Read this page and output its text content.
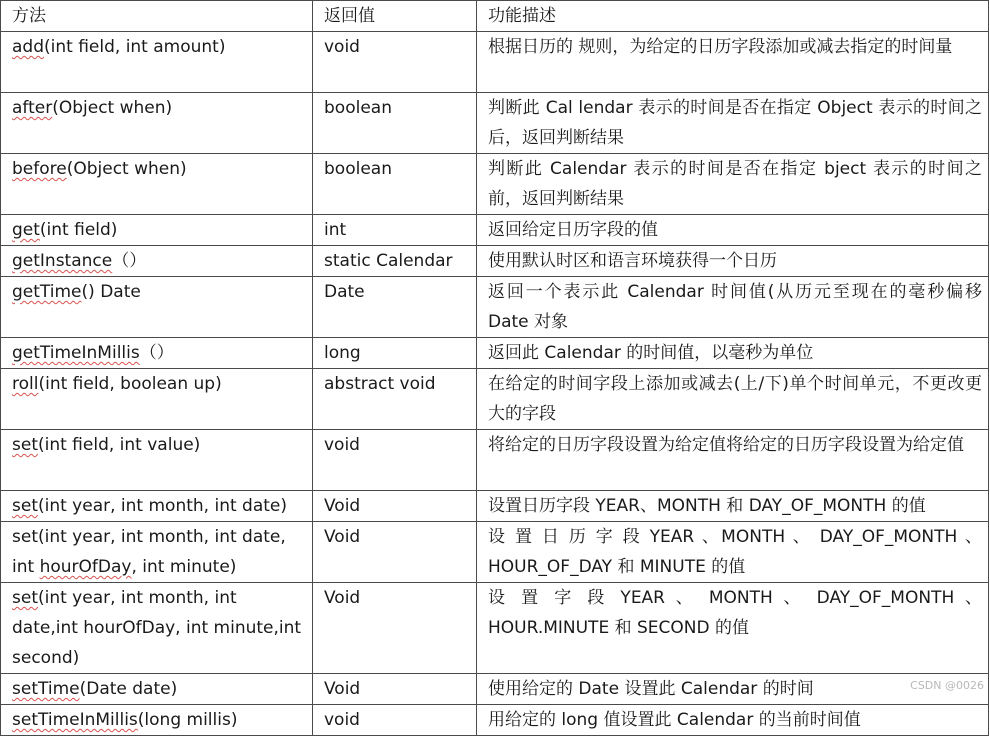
方法	返回值	功能描述
add(int field, int amount)	void	根据日历的 规则，为给定的日历字段添加或减去指定的时间量
after(Object when)	boolean	判断此 Cal lendar 表示的时间是否在指定 Object 表示的时间之后，返回判断结果
before(Object when)	boolean	判断此 Calendar 表示的时间是否在指定 bject 表示的时间之前，返回判断结果
get(int field)	int	返回给定日历字段的值
getInstance（）	static Calendar	使用默认时区和语言环境获得一个日历
getTime() Date	Date	返回一个表示此 Calendar 时间值(从历元至现在的毫秒偏移 Date 对象
getTimeInMillis（）	long	返回此 Calendar 的时间值，以毫秒为单位
roll(int field, boolean up)	abstract void	在给定的时间字段上添加或减去(上/下)单个时间单元，不更改更大的字段
set(int field, int value)	void	将给定的日历字段设置为给定值将给定的日历字段设置为给定值
set(int year, int month, int date)	Void	设置日历字段 YEAR、MONTH 和 DAY_OF_MONTH 的值
set(int year, int month, int date, int hourOfDay, int minute)	Void	设 置 日 历 字 段 YEAR 、MONTH 、 DAY_OF_MONTH 、HOUR_OF_DAY 和 MINUTE 的值
set(int year, int month, int date,int hourOfDay, int minute,int second)	Void	设 置 字 段 YEAR 、 MONTH 、 DAY_OF_MONTH 、HOUR.MINUTE 和 SECOND 的值
setTime(Date date)	Void	使用给定的 Date 设置此 Calendar 的时间
setTimeInMillis(long millis)	void	用给定的 long 值设置此 Calendar 的当前时间值
CSDN @0026
